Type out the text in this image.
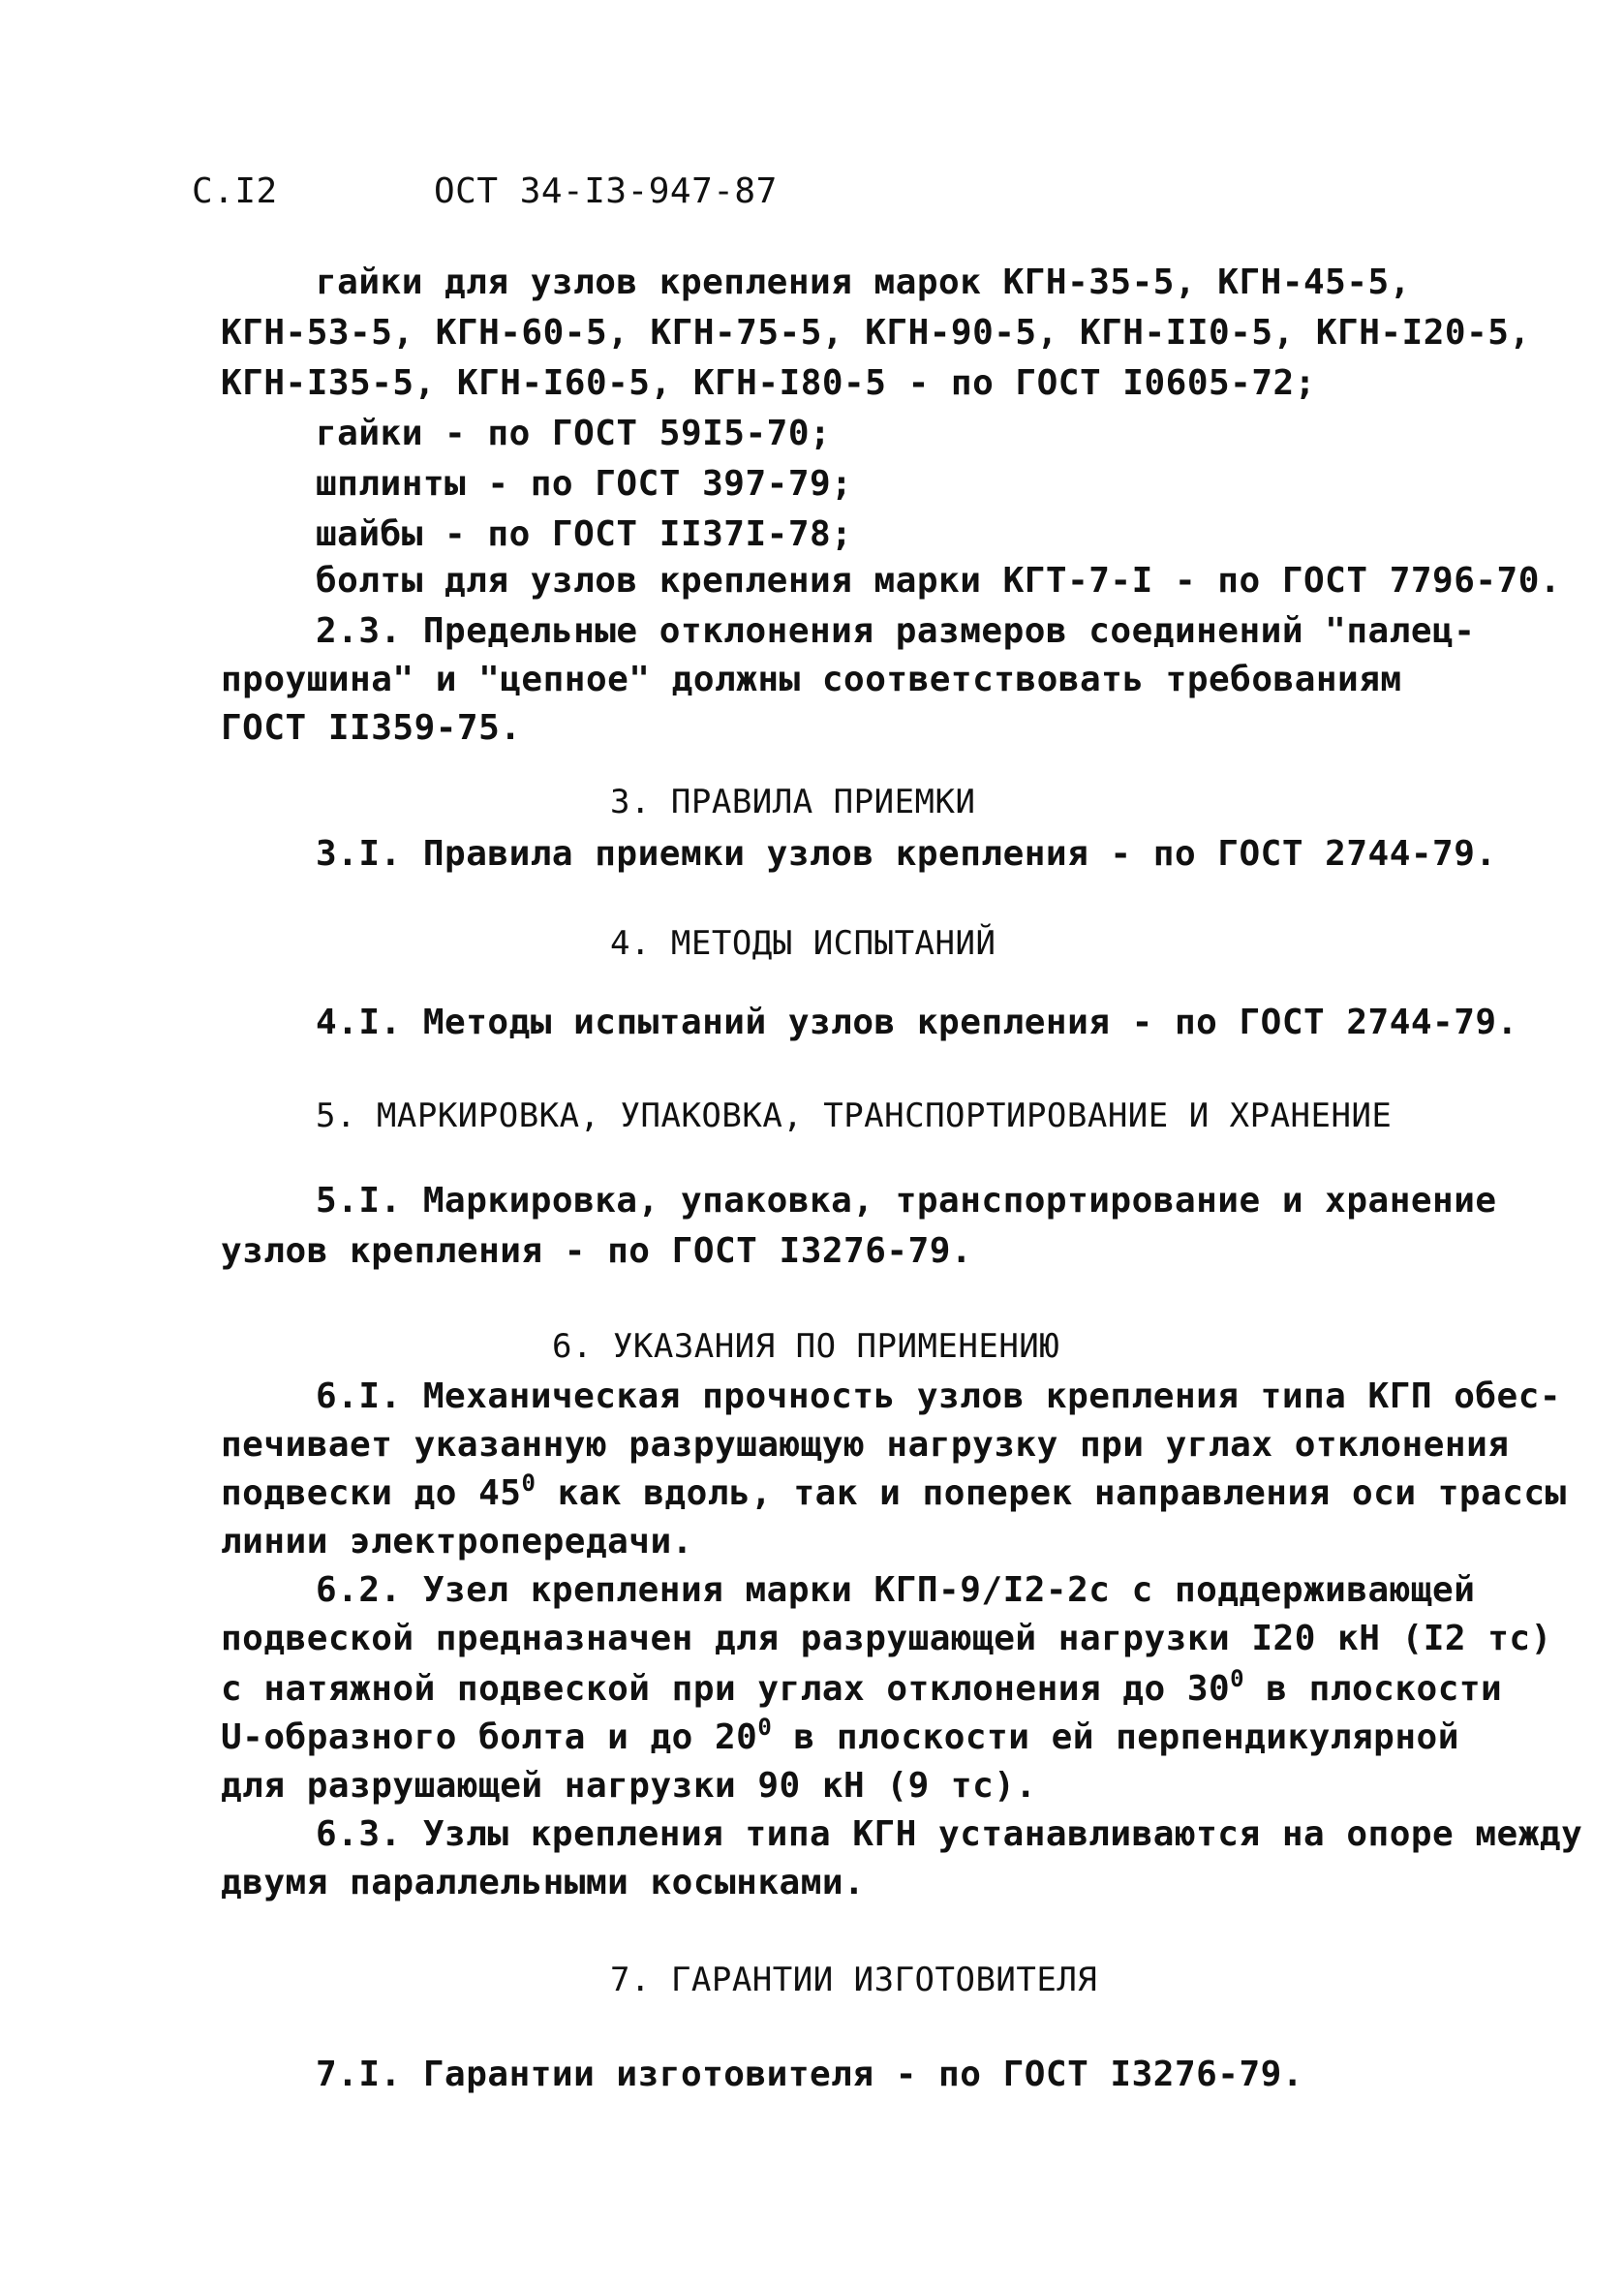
С.I2	ОСТ 34-I3-947-87
гайки для узлов крепления марок КГН-35-5, КГН-45-5,
КГН-53-5, КГН-60-5, КГН-75-5, КГН-90-5, КГН-II0-5, КГН-I20-5,
КГН-I35-5, КГН-I60-5, КГН-I80-5 - по ГОСТ I0605-72;
гайки - по ГОСТ 59I5-70;
шплинты - по ГОСТ 397-79;
шайбы - по ГОСТ II37I-78;
болты для узлов крепления марки КГТ-7-I - по ГОСТ 7796-70.
2.3. Предельные отклонения размеров соединений "палец-
проушина" и "цепное" должны соответствовать требованиям
ГОСТ II359-75.
3. ПРАВИЛА ПРИЕМКИ
3.I. Правила приемки узлов крепления - по ГОСТ 2744-79.
4. МЕТОДЫ ИСПЫТАНИЙ
4.I. Методы испытаний узлов крепления - по ГОСТ 2744-79.
5. МАРКИРОВКА, УПАКОВКА, ТРАНСПОРТИРОВАНИЕ И ХРАНЕНИЕ
5.I. Маркировка, упаковка, транспортирование и хранение
узлов крепления - по ГОСТ I3276-79.
6. УКАЗАНИЯ ПО ПРИМЕНЕНИЮ
6.I. Механическая прочность узлов крепления типа КГП обес-
печивает указанную разрушающую нагрузку при углах отклонения
подвески до $45^0$ как вдоль, так и поперек направления оси трассы
линии электропередачи.
6.2. Узел крепления марки КГП-9/I2-2с с поддерживающей
подвеской предназначен для разрушающей нагрузки I20 кН (I2 тс)
с натяжной подвеской при углах отклонения до $30^0$ в плоскости
U-образного болта и до $20^0$ в плоскости ей перпендикулярной
для разрушающей нагрузки 90 кН (9 тс).
6.3. Узлы крепления типа КГН устанавливаются на опоре между
двумя параллельными косынками.
7. ГАРАНТИИ ИЗГОТОВИТЕЛЯ
7.I. Гарантии изготовителя - по ГОСТ I3276-79.
